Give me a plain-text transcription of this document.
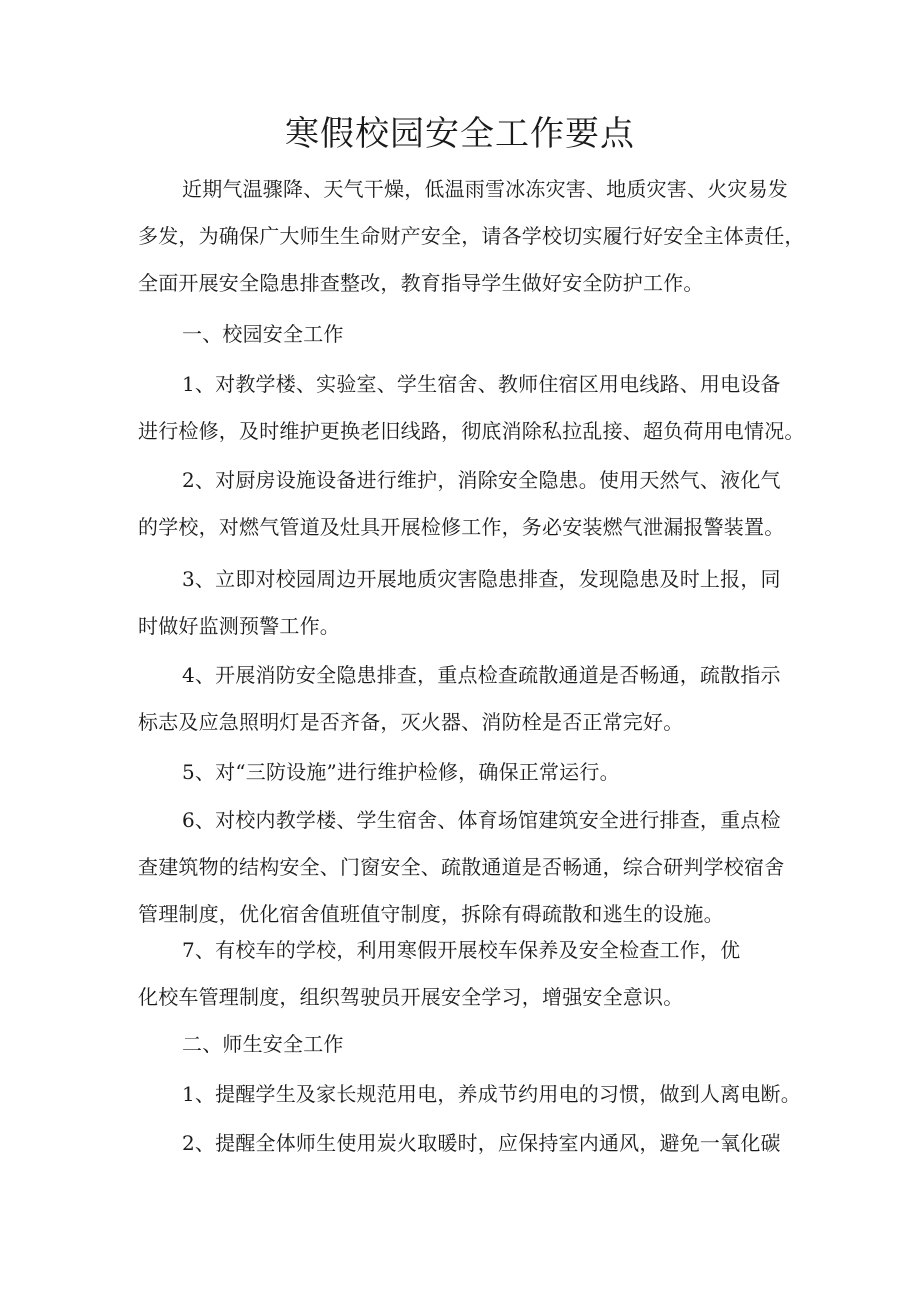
寒假校园安全工作要点
近期气温骤降、天气干燥，低温雨雪冰冻灾害、地质灾害、火灾易发
多发，为确保广大师生生命财产安全，请各学校切实履行好安全主体责任，
全面开展安全隐患排查整改，教育指导学生做好安全防护工作。
一、校园安全工作
1、对教学楼、实验室、学生宿舍、教师住宿区用电线路、用电设备
进行检修，及时维护更换老旧线路，彻底消除私拉乱接、超负荷用电情况。
2、对厨房设施设备进行维护，消除安全隐患。使用天然气、液化气
的学校，对燃气管道及灶具开展检修工作，务必安装燃气泄漏报警装置。
3、立即对校园周边开展地质灾害隐患排查，发现隐患及时上报，同
时做好监测预警工作。
4、开展消防安全隐患排查，重点检查疏散通道是否畅通，疏散指示
标志及应急照明灯是否齐备，灭火器、消防栓是否正常完好。
5、对“三防设施”进行维护检修，确保正常运行。
6、对校内教学楼、学生宿舍、体育场馆建筑安全进行排查，重点检
查建筑物的结构安全、门窗安全、疏散通道是否畅通，综合研判学校宿舍
管理制度，优化宿舍值班值守制度，拆除有碍疏散和逃生的设施。
7、有校车的学校，利用寒假开展校车保养及安全检查工作，优
化校车管理制度，组织驾驶员开展安全学习，增强安全意识。
二、师生安全工作
1、提醒学生及家长规范用电，养成节约用电的习惯，做到人离电断。
2、提醒全体师生使用炭火取暖时，应保持室内通风，避免一氧化碳
